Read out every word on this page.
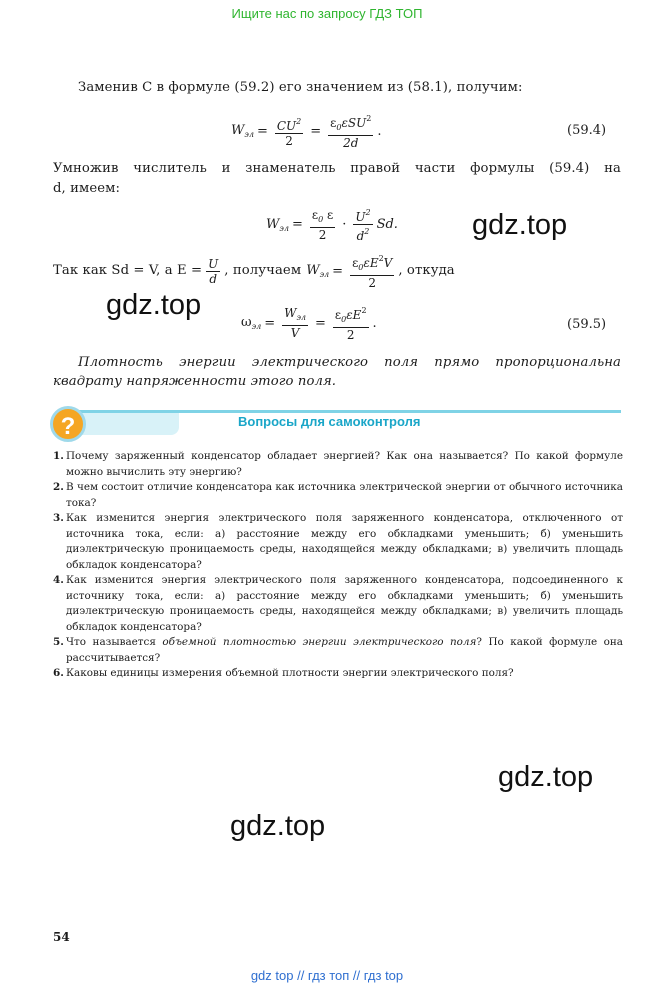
Ищите нас по запросу ГДЗ ТОП
Заменив C в формуле (59.2) его значением из (58.1), получим:
$W_{эл} = \frac{CU^2}{2} = \frac{\varepsilon_0\varepsilon SU^2}{2d}$ .	(59.4)
Умножив числитель и знаменатель правой части формулы (59.4) на
d, имеем:
$W_{эл} = \frac{\varepsilon_0 \varepsilon}{2} \cdot \frac{U^2}{d^2} Sd$.	gdz.top
Так как Sd = V, а $E = \frac{U}{d}$ , получаем $W_{эл} = \frac{\varepsilon_0\varepsilon E^2V}{2}$ , откуда
gdz.top
$\omega_{эл} = \frac{W_{эл}}{V} = \frac{\varepsilon_0\varepsilon E^2}{2}$ .	(59.5)
Плотность энергии электрического поля прямо пропорциональна
квадрату напряженности этого поля.
?	Вопросы для самоконтроля
1. Почему заряженный конденсатор обладает энергией? Как она называется? По какой формуле можно вычислить эту энергию?
2. В чем состоит отличие конденсатора как источника электрической энергии от обычного источника тока?
3. Как изменится энергия электрического поля заряженного конденсатора, отключенного от источника тока, если: а) расстояние между его обкладками уменьшить; б) уменьшить диэлектрическую проницаемость среды, находящейся между обкладками; в) увеличить площадь обкладок конденсатора?
4. Как изменится энергия электрического поля заряженного конденсатора, подсоединенного к источнику тока, если: а) расстояние между его обкладками уменьшить; б) уменьшить диэлектрическую проницаемость среды, находящейся между обкладками; в) увеличить площадь обкладок конденсатора?
5. Что называется объемной плотностью энергии электрического поля? По какой формуле она рассчитывается?
6. Каковы единицы измерения объемной плотности энергии электрического поля?
gdz.top
gdz.top
54
gdz top // гдз топ // гдз top
